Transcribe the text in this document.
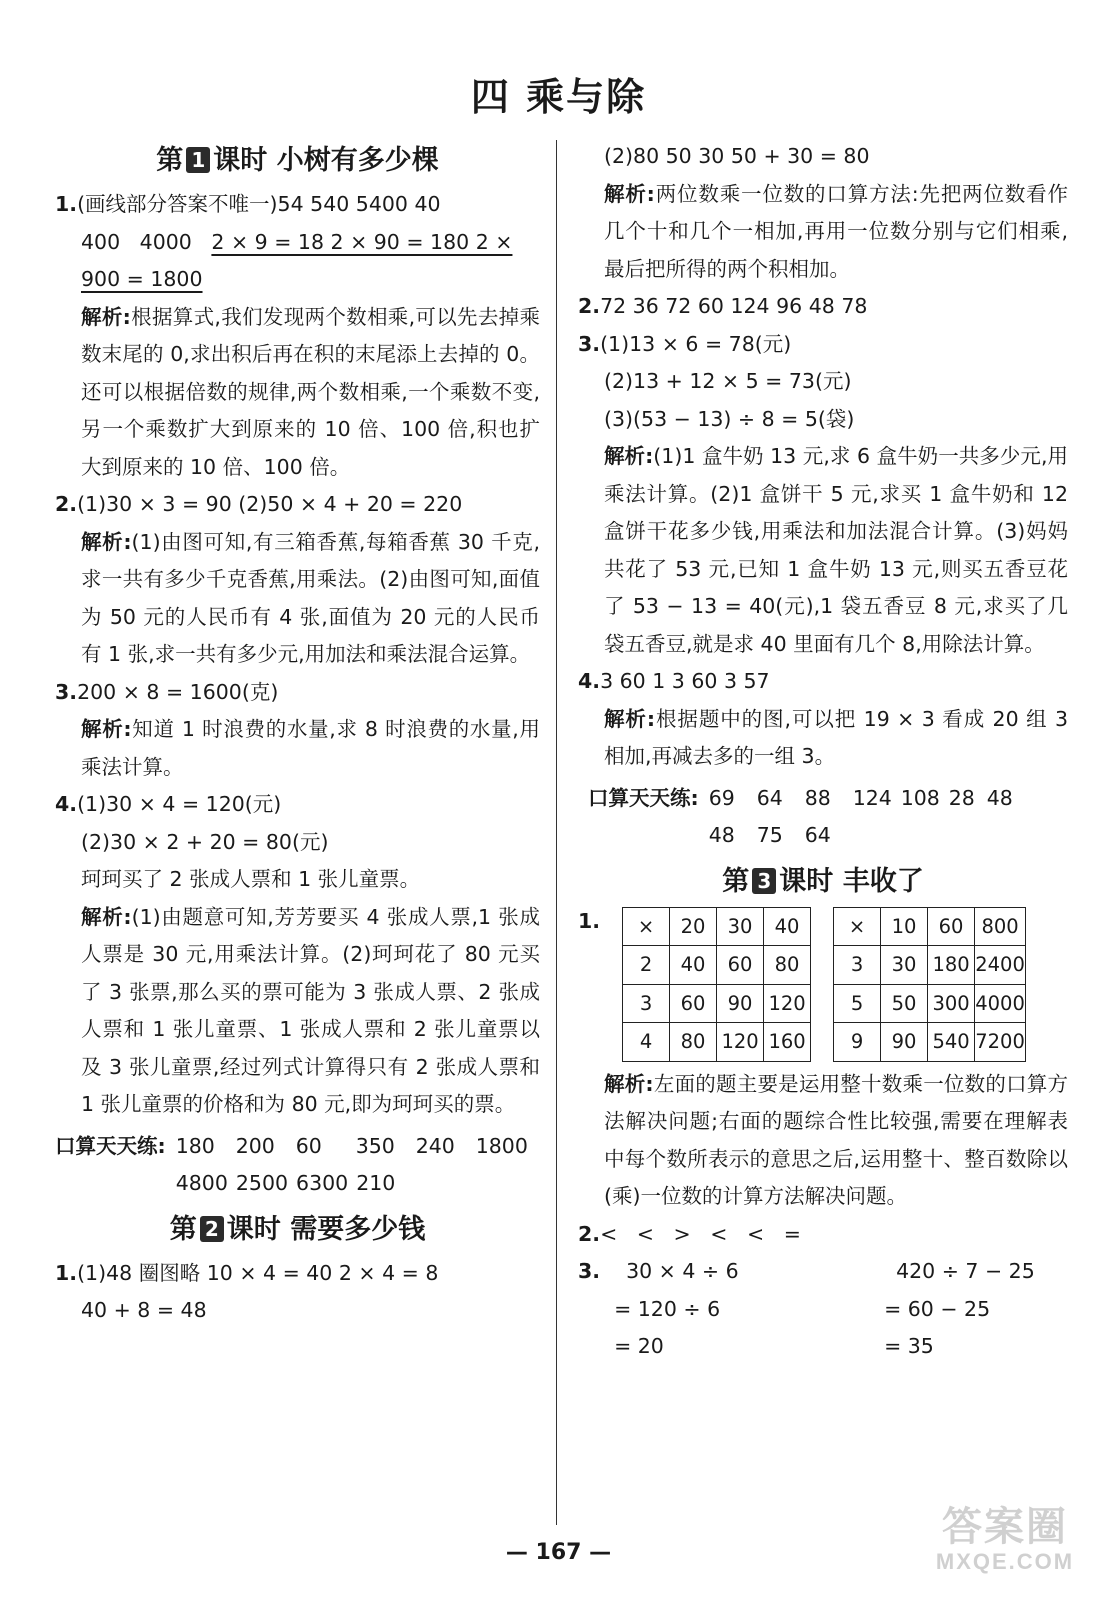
四 乘与除
第 1 课时 小树有多少棵
1.(画线部分答案不唯一)54 540 5400 40
400   4000   2 × 9 = 18 2 × 90 = 180 2 ×
900 = 1800
解析:根据算式,我们发现两个数相乘,可以先去掉乘数末尾的 0,求出积后再在积的末尾添上去掉的 0。还可以根据倍数的规律,两个数相乘,一个乘数不变,另一个乘数扩大到原来的 10 倍、100 倍,积也扩大到原来的 10 倍、100 倍。
2.(1)30 × 3 = 90 (2)50 × 4 + 20 = 220
解析:(1)由图可知,有三箱香蕉,每箱香蕉 30 千克,求一共有多少千克香蕉,用乘法。(2)由图可知,面值为 50 元的人民币有 4 张,面值为 20 元的人民币有 1 张,求一共有多少元,用加法和乘法混合运算。
3.200 × 8 = 1600(克)
解析:知道 1 时浪费的水量,求 8 时浪费的水量,用乘法计算。
4.(1)30 × 4 = 120(元)
(2)30 × 2 + 20 = 80(元)
珂珂买了 2 张成人票和 1 张儿童票。
解析:(1)由题意可知,芳芳要买 4 张成人票,1 张成人票是 30 元,用乘法计算。(2)珂珂花了 80 元买了 3 张票,那么买的票可能为 3 张成人票、2 张成人票和 1 张儿童票、1 张成人票和 2 张儿童票以及 3 张儿童票,经过列式计算得只有 2 张成人票和 1 张儿童票的价格和为 80 元,即为珂珂买的票。
口算天天练: 180 200 60 350 240 18004800 2500 6300 210
第 2 课时 需要多少钱
1.(1)48 圈图略 10 × 4 = 40 2 × 4 = 8
40 + 8 = 48
(2)80 50 30 50 + 30 = 80
解析:两位数乘一位数的口算方法:先把两位数看作几个十和几个一相加,再用一位数分别与它们相乘,最后把所得的两个积相加。
2.72 36 72 60 124 96 48 78
3.(1)13 × 6 = 78(元)
(2)13 + 12 × 5 = 73(元)
(3)(53 − 13) ÷ 8 = 5(袋)
解析:(1)1 盒牛奶 13 元,求 6 盒牛奶一共多少元,用乘法计算。(2)1 盒饼干 5 元,求买 1 盒牛奶和 12 盒饼干花多少钱,用乘法和加法混合计算。(3)妈妈共花了 53 元,已知 1 盒牛奶 13 元,则买五香豆花了 53 − 13 = 40(元),1 袋五香豆 8 元,求买了几袋五香豆,就是求 40 里面有几个 8,用除法计算。
4.3 60 1 3 60 3 57
解析:根据题中的图,可以把 19 × 3 看成 20 组 3 相加,再减去多的一组 3。
口算天天练: 69 64 88 124 108 28 4848 75 64
第 3 课时 丰收了
1. ×	20	30	40
2	40	60	80
3	60	90	120
4	80	120	160
×	10	60	800
3	30	180	2400
5	50	300	4000
9	90	540	7200
解析:左面的题主要是运用整十数乘一位数的口算方法解决问题;右面的题综合性比较强,需要在理解表中每个数所表示的意思之后,运用整十、整百数除以(乘)一位数的计算方法解决问题。
2.<   <   >   <   <   =
3.	30 × 4 ÷ 6
= 120 ÷ 6
= 20
420 ÷ 7 − 25
= 60 − 25
= 35
— 167 —
答案圈
MXQE.COM
